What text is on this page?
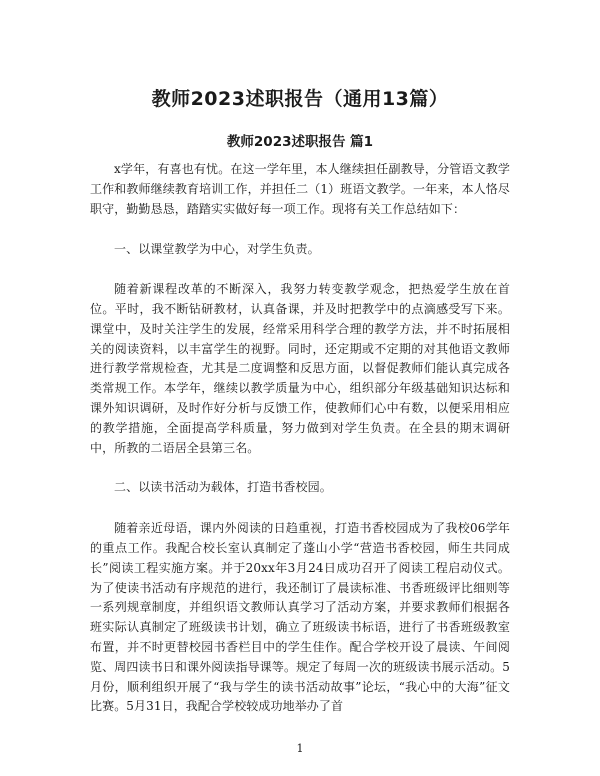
教师2023述职报告（通用13篇）
教师2023述职报告 篇1

x学年，有喜也有忧。在这一学年里，本人继续担任副教导，分管语文教学工作和教师继续教育培训工作，并担任二（1）班语文教学。一年来，本人恪尽职守，勤勤恳恳，踏踏实实做好每一项工作。现将有关工作总结如下：

一、以课堂教学为中心，对学生负责。

随着新课程改革的不断深入，我努力转变教学观念，把热爱学生放在首位。平时，我不断钻研教材，认真备课，并及时把教学中的点滴感受写下来。课堂中，及时关注学生的发展，经常采用科学合理的教学方法，并不时拓展相关的阅读资料，以丰富学生的视野。同时，还定期或不定期的对其他语文教师进行教学常规检查，尤其是二度调整和反思方面，以督促教师们能认真完成各类常规工作。本学年，继续以教学质量为中心，组织部分年级基础知识达标和课外知识调研，及时作好分析与反馈工作，使教师们心中有数，以便采用相应的教学措施，全面提高学科质量，努力做到对学生负责。在全县的期末调研中，所教的二语居全县第三名。

二、以读书活动为载体，打造书香校园。

随着亲近母语，课内外阅读的日趋重视，打造书香校园成为了我校06学年的重点工作。我配合校长室认真制定了蓬山小学“营造书香校园，师生共同成长”阅读工程实施方案。并于20xx年3月24日成功召开了阅读工程启动仪式。为了使读书活动有序规范的进行，我还制订了晨读标准、书香班级评比细则等一系列规章制度，并组织语文教师认真学习了活动方案，并要求教师们根据各班实际认真制定了班级读书计划，确立了班级读书标语，进行了书香班级教室布置，并不时更替校园书香栏目中的学生佳作。配合学校开设了晨读、午间阅览、周四读书日和课外阅读指导课等。规定了每周一次的班级读书展示活动。5月份，顺利组织开展了“我与学生的读书活动故事”论坛，“我心中的大海”征文比赛。5月31日，我配合学校较成功地举办了首

1
